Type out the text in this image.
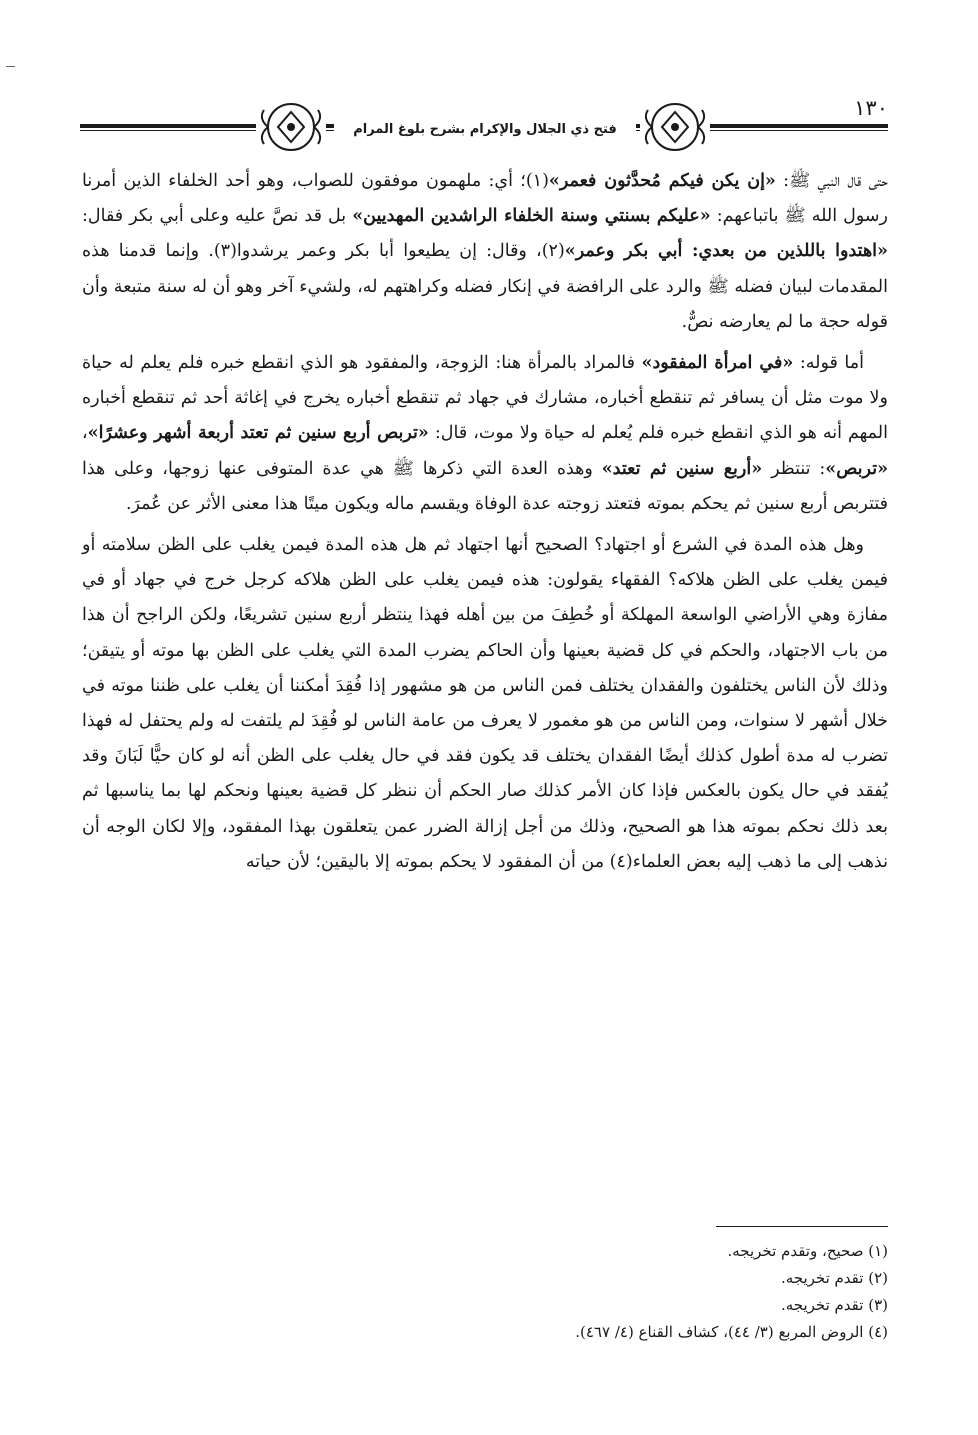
١٣٠
فتح ذي الجلال والإكرام بشرح بلوغ المرام

حتى قال النبي ﷺ: «إن يكن فيكم مُحدَّثون فعمر»(١)؛ أي: ملهمون موفقون للصواب، وهو أحد الخلفاء الذين أمرنا رسول الله ﷺ باتباعهم: «عليكم بسنتي وسنة الخلفاء الراشدين المهديين» بل قد نصَّ عليه وعلى أبي بكر فقال: «اهتدوا باللذين من بعدي: أبي بكر وعمر»(٢)، وقال: إن يطيعوا أبا بكر وعمر يرشدوا(٣). وإنما قدمنا هذه المقدمات لبيان فضله ﷺ والرد على الرافضة في إنكار فضله وكراهتهم له، ولشيء آخر وهو أن له سنة متبعة وأن قوله حجة ما لم يعارضه نصٌّ.

أما قوله: «في امرأة المفقود» فالمراد بالمرأة هنا: الزوجة، والمفقود هو الذي انقطع خبره فلم يعلم له حياة ولا موت مثل أن يسافر ثم تنقطع أخباره، مشارك في جهاد ثم تنقطع أخباره يخرج في إغاثة أحد ثم تنقطع أخباره المهم أنه هو الذي انقطع خبره فلم يُعلم له حياة ولا موت، قال: «تربص أربع سنين ثم تعتد أربعة أشهر وعشرًا»، «تربص»: تنتظر «أربع سنين ثم تعتد» وهذه العدة التي ذكرها ﷺ هي عدة المتوفى عنها زوجها، وعلى هذا فتتربص أربع سنين ثم يحكم بموته فتعتد زوجته عدة الوفاة ويقسم ماله ويكون ميتًا هذا معنى الأثر عن عُمرَ.

وهل هذه المدة في الشرع أو اجتهاد؟ الصحيح أنها اجتهاد ثم هل هذه المدة فيمن يغلب على الظن سلامته أو فيمن يغلب على الظن هلاكه؟ الفقهاء يقولون: هذه فيمن يغلب على الظن هلاكه كرجل خرج في جهاد أو في مفازة وهي الأراضي الواسعة المهلكة أو خُطِفَ من بين أهله فهذا ينتظر أربع سنين تشريعًا، ولكن الراجح أن هذا من باب الاجتهاد، والحكم في كل قضية بعينها وأن الحاكم يضرب المدة التي يغلب على الظن بها موته أو يتيقن؛ وذلك لأن الناس يختلفون والفقدان يختلف فمن الناس من هو مشهور إذا فُقِدَ أمكننا أن يغلب على ظننا موته في خلال أشهر لا سنوات، ومن الناس من هو مغمور لا يعرف من عامة الناس لو فُقِدَ لم يلتفت له ولم يحتفل له فهذا تضرب له مدة أطول كذلك أيضًا الفقدان يختلف قد يكون فقد في حال يغلب على الظن أنه لو كان حيًّا لَبَانَ وقد يُفقد في حال يكون بالعكس فإذا كان الأمر كذلك صار الحكم أن ننظر كل قضية بعينها ونحكم لها بما يناسبها ثم بعد ذلك نحكم بموته هذا هو الصحيح، وذلك من أجل إزالة الضرر عمن يتعلقون بهذا المفقود، وإلا لكان الوجه أن نذهب إلى ما ذهب إليه بعض العلماء(٤) من أن المفقود لا يحكم بموته إلا باليقين؛ لأن حياته

(١) صحيح، وتقدم تخريجه.

(٢) تقدم تخريجه.

(٣) تقدم تخريجه.

(٤) الروض المربع (٣/ ٤٤)، كشاف القناع (٤/ ٤٦٧).
